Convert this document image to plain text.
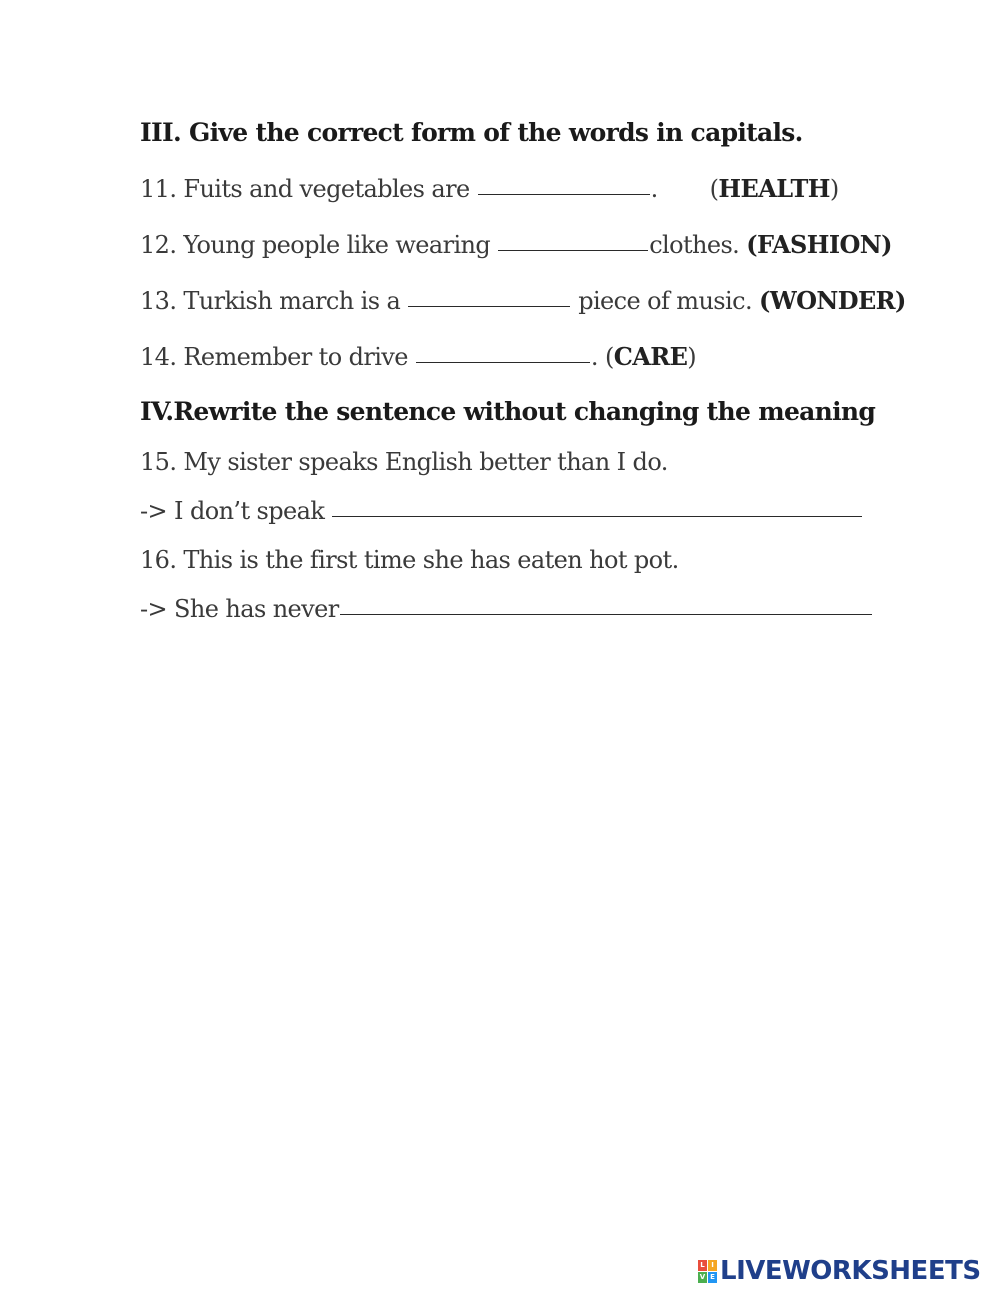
III. Give the correct form of the words in capitals.
11. Fuits and vegetables are	. (HEALTH)
12. Young people like wearing	clothes. (FASHION)
13. Turkish march is a	piece of music. (WONDER)
14. Remember to drive	. (CARE)
IV.Rewrite the sentence without changing the meaning
15. My sister speaks English better than I do.
-> I don’t speak
16. This is the first time she has eaten hot pot.
-> She has never
L I
V E LIVEWORKSHEETS
